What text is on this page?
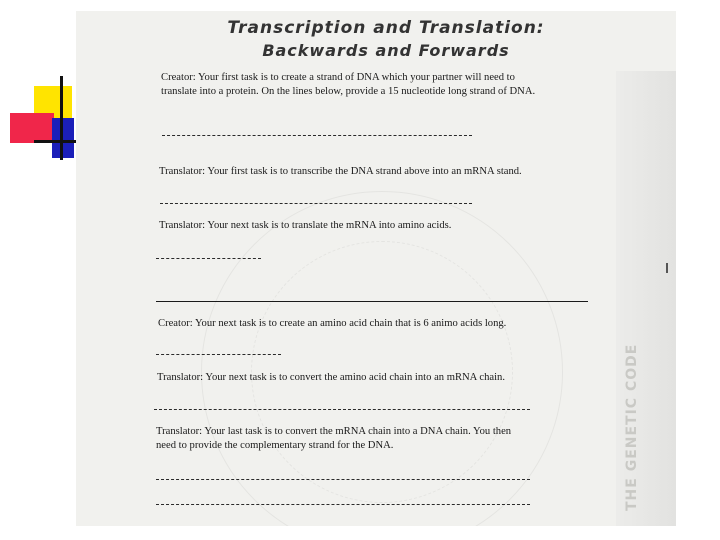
THE GENETIC CODE
Transcription and Translation:
Backwards and Forwards
Creator: Your first task is to create a strand of DNA which your partner will need to
translate into a protein. On the lines below, provide a 15 nucleotide long strand of DNA.
Translator: Your first task is to transcribe the DNA strand above into an mRNA stand.
Translator: Your next task is to translate the mRNA into amino acids.
Creator: Your next task is to create an amino acid chain that is 6 animo acids long.
Translator: Your next task is to convert the amino acid chain into an mRNA chain.
Translator: Your last task is to convert the mRNA chain into a DNA chain. You then
need to provide the complementary strand for the DNA.
